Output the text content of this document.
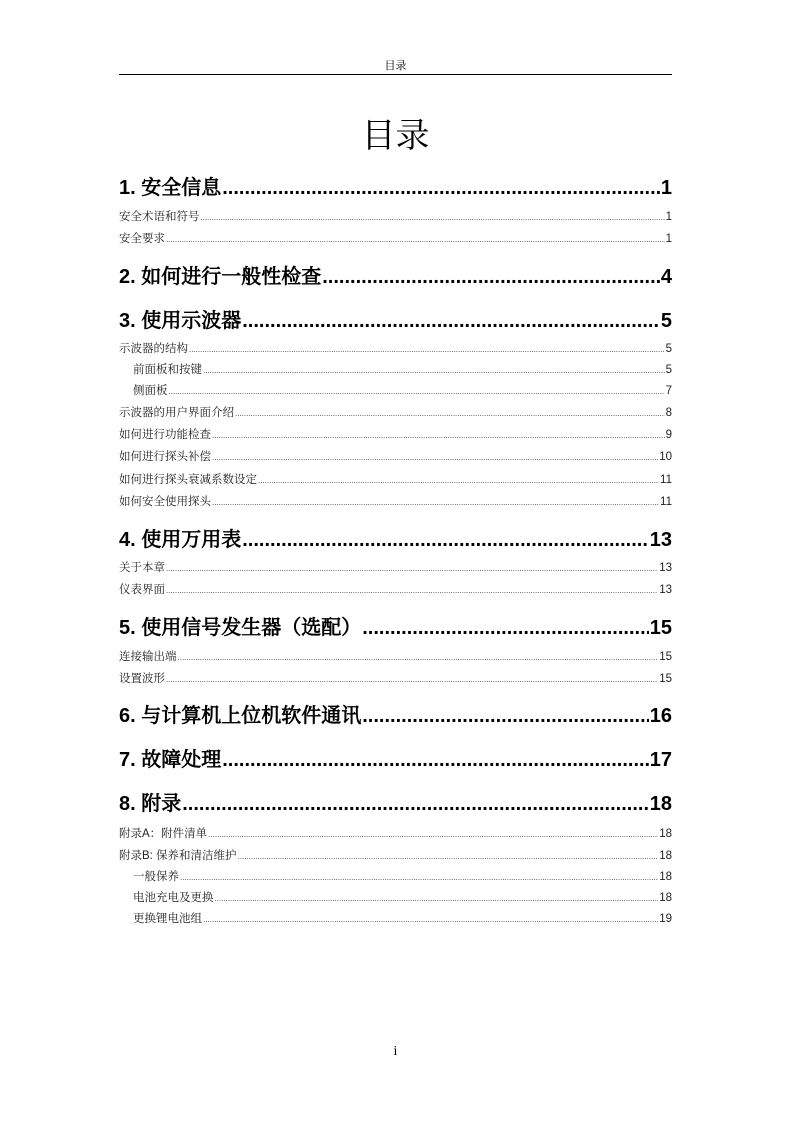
目录
目录
1. 安全信息 .....	1
安全术语和符号 .....	1
安全要求 .....	1
2. 如何进行一般性检查 .....	4
3. 使用示波器 .....	5
示波器的结构 .....	5
前面板和按键 .....	5
侧面板 .....	7
示波器的用户界面介绍 .....	8
如何进行功能检查 .....	9
如何进行探头补偿 .....	10
如何进行探头衰减系数设定 .....	11
如何安全使用探头 .....	11
4. 使用万用表 .....	13
关于本章 .....	13
仪表界面 .....	13
5. 使用信号发生器（选配） .....	15
连接输出端 .....	15
设置波形 .....	15
6. 与计算机上位机软件通讯 .....	16
7. 故障处理 .....	17
8. 附录 .....	18
附录A：附件清单 .....	18
附录B: 保养和清洁维护 .....	18
一般保养 .....	18
电池充电及更换 .....	18
更换锂电池组 .....	19
i
